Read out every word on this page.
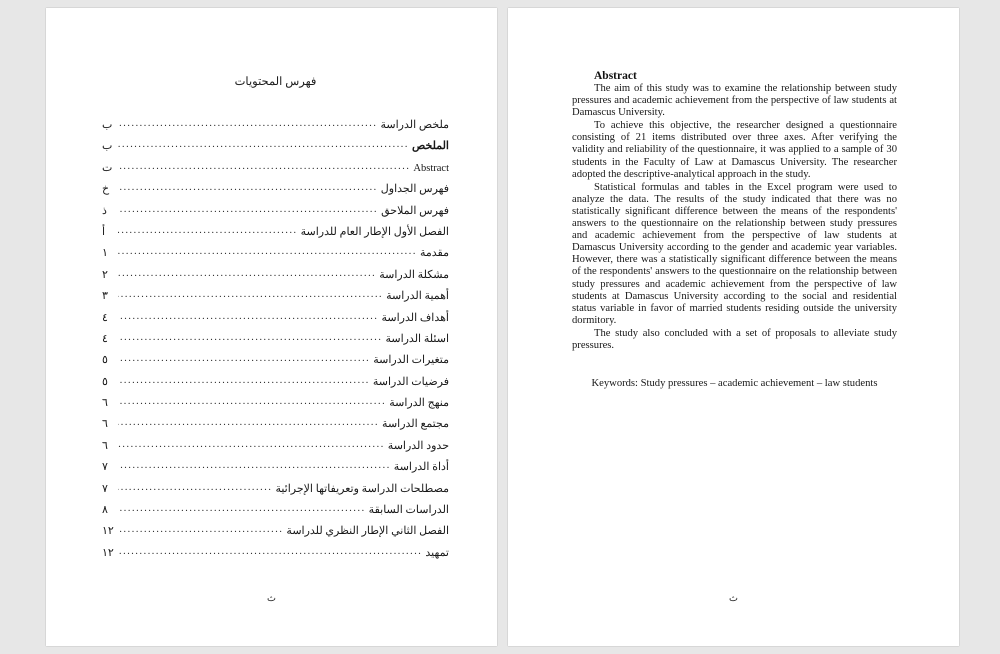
فهرس المحتويات
ملخص الدراسة
.....
ب
الملخص
.....
ب
Abstract
.....
ت
فهرس الجداول
.....
خ
فهرس الملاحق
.....
ذ
الفصل الأول الإطار العام للدراسة
.....
أ
مقدمة
.....
١
مشكلة الدراسة
.....
٢
أهمية الدراسة
.....
٣
أهداف الدراسة
.....
٤
اسئلة الدراسة
.....
٤
متغيرات الدراسة
.....
٥
فرضيات الدراسة
.....
٥
منهج الدراسة
.....
٦
مجتمع الدراسة
.....
٦
حدود الدراسة
.....
٦
أداة الدراسة
.....
٧
مصطلحات الدراسة وتعريفاتها الإجرائية
.....
٧
الدراسات السابقة
.....
٨
الفصل الثاني الإطار النظري للدراسة
.....
١٢
تمهيد
.....
١٢
ث
Abstract

The aim of this study was to examine the relationship between study pressures and academic achievement from the perspective of law students at Damascus University.

To achieve this objective, the researcher designed a questionnaire consisting of 21 items distributed over three axes. After verifying the validity and reliability of the questionnaire, it was applied to a sample of 30 students in the Faculty of Law at Damascus University. The researcher adopted the descriptive-analytical approach in the study.

Statistical formulas and tables in the Excel program were used to analyze the data. The results of the study indicated that there was no statistically significant difference between the means of the respondents' answers to the questionnaire on the relationship between study pressures and academic achievement from the perspective of law students at Damascus University according to the gender and academic year variables. However, there was a statistically significant difference between the means of the respondents' answers to the questionnaire on the relationship between study pressures and academic achievement from the perspective of law students at Damascus University according to the social and residential status variable in favor of married students residing outside the university dormitory.

The study also concluded with a set of proposals to alleviate study pressures.

Keywords: Study pressures – academic achievement – law students
ث
